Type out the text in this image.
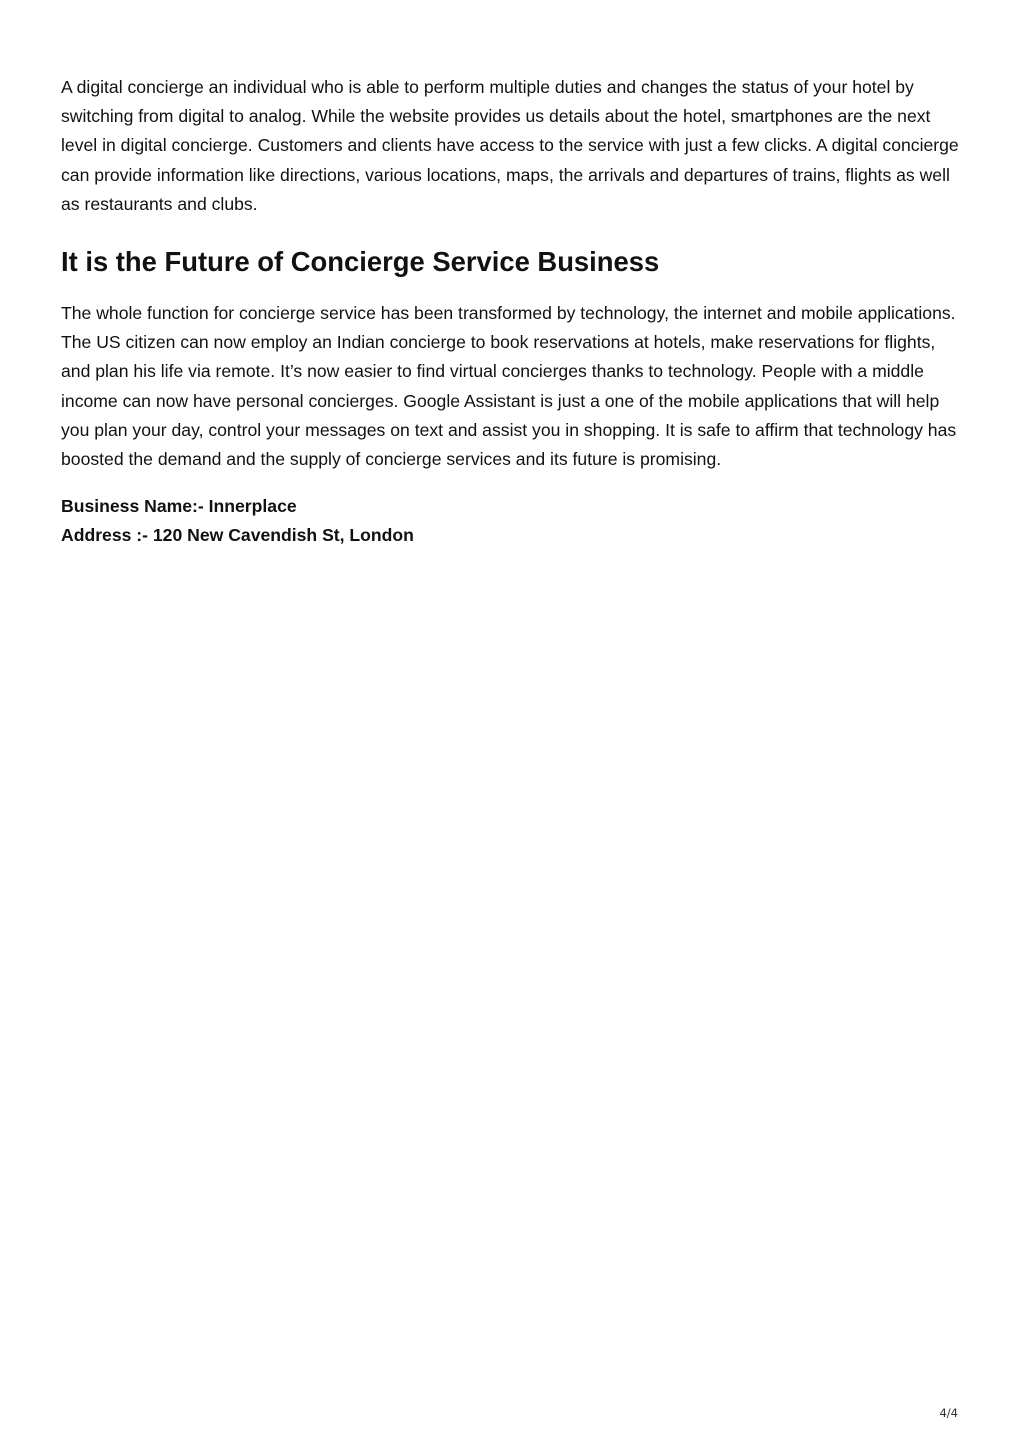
A digital concierge an individual who is able to perform multiple duties and changes the status of your hotel by switching from digital to analog. While the website provides us details about the hotel, smartphones are the next level in digital concierge. Customers and clients have access to the service with just a few clicks. A digital concierge can provide information like directions, various locations, maps, the arrivals and departures of trains, flights as well as restaurants and clubs.

It is the Future of Concierge Service Business

The whole function for concierge service has been transformed by technology, the internet and mobile applications. The US citizen can now employ an Indian concierge to book reservations at hotels, make reservations for flights, and plan his life via remote. It’s now easier to find virtual concierges thanks to technology. People with a middle income can now have personal concierges. Google Assistant is just a one of the mobile applications that will help you plan your day, control your messages on text and assist you in shopping. It is safe to affirm that technology has boosted the demand and the supply of concierge services and its future is promising.

Business Name:- Innerplace
Address :- 120 New Cavendish St, London
4/4
